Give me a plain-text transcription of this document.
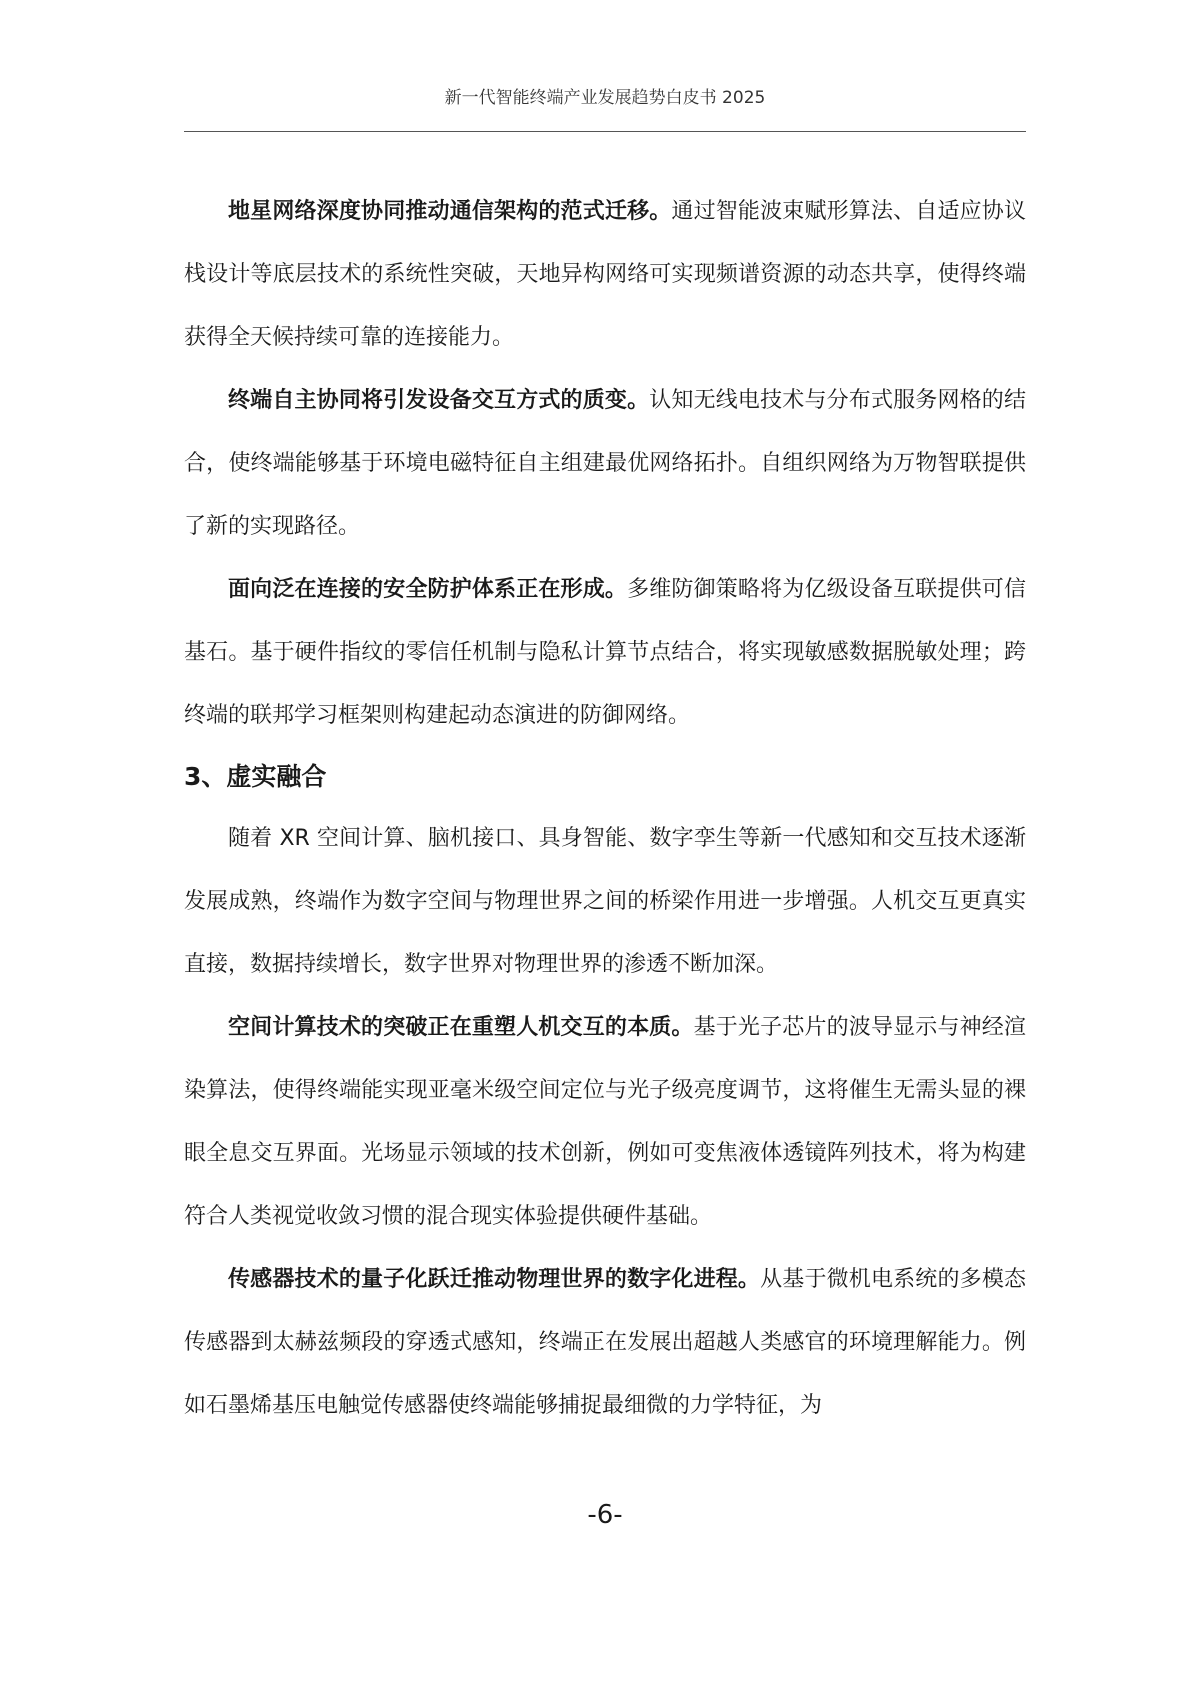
新一代智能终端产业发展趋势白皮书 2025

地星网络深度协同推动通信架构的范式迁移。通过智能波束赋形算法、自适应协议栈设计等底层技术的系统性突破，天地异构网络可实现频谱资源的动态共享，使得终端获得全天候持续可靠的连接能力。

终端自主协同将引发设备交互方式的质变。认知无线电技术与分布式服务网格的结合，使终端能够基于环境电磁特征自主组建最优网络拓扑。自组织网络为万物智联提供了新的实现路径。

面向泛在连接的安全防护体系正在形成。多维防御策略将为亿级设备互联提供可信基石。基于硬件指纹的零信任机制与隐私计算节点结合，将实现敏感数据脱敏处理；跨终端的联邦学习框架则构建起动态演进的防御网络。

3、虚实融合

随着 XR 空间计算、脑机接口、具身智能、数字孪生等新一代感知和交互技术逐渐发展成熟，终端作为数字空间与物理世界之间的桥梁作用进一步增强。人机交互更真实直接，数据持续增长，数字世界对物理世界的渗透不断加深。

空间计算技术的突破正在重塑人机交互的本质。基于光子芯片的波导显示与神经渲染算法，使得终端能实现亚毫米级空间定位与光子级亮度调节，这将催生无需头显的裸眼全息交互界面。光场显示领域的技术创新，例如可变焦液体透镜阵列技术，将为构建符合人类视觉收敛习惯的混合现实体验提供硬件基础。

传感器技术的量子化跃迁推动物理世界的数字化进程。从基于微机电系统的多模态传感器到太赫兹频段的穿透式感知，终端正在发展出超越人类感官的环境理解能力。例如石墨烯基压电触觉传感器使终端能够捕捉最细微的力学特征，为

-6-
